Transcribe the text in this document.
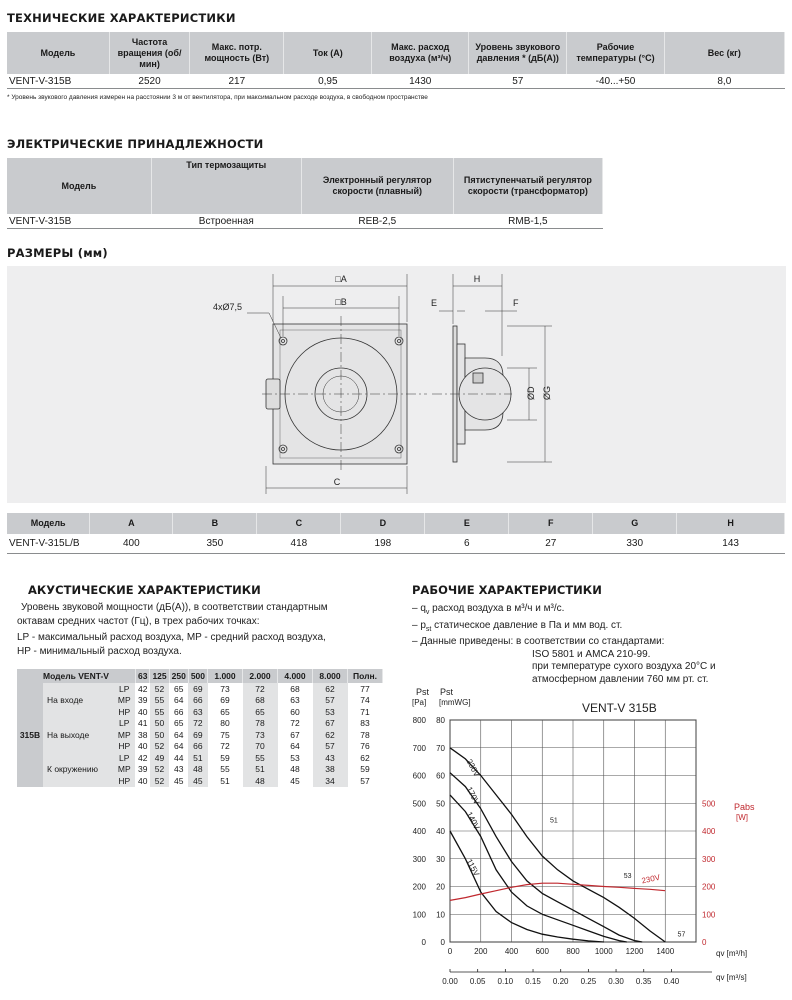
ТЕХНИЧЕСКИЕ ХАРАКТЕРИСТИКИ
Модель	Частота вращения (об/мин)	Макс. потр. мощность (Вт)	Ток (А)	Макс. расход воздуха (м³/ч)	Уровень звукового давления * (дБ(А))	Рабочие температуры (°С)	Вес (кг)
VENT-V-315B	2520	217	0,95	1430	57	-40...+50	8,0
* Уровень звукового давления измерен на расстоянии 3 м от вентилятора, при максимальном расходе воздуха, в свободном пространстве
ЭЛЕКТРИЧЕСКИЕ ПРИНАДЛЕЖНОСТИ
Модель	Тип термозащиты	Электронный регулятор скорости (плавный)	Пятиступенчатый регулятор скорости (трансформатор)
VENT-V-315B	Встроенная	REB-2,5	RMB-1,5
РАЗМЕРЫ (мм)
□A
□B
C
4xØ7,5
H
E	F
ØD ØG
Модель	A	B	C	D	E	F	G	H
VENT-V-315L/B	400	350	418	198	6	27	330	143
АКУСТИЧЕСКИЕ ХАРАКТЕРИСТИКИ
Уровень звуковой мощности (дБ(А)), в соответствии стандартным
октавам средних частот (Гц), в трех рабочих точках:
LP - максимальный расход воздуха, MP - средний расход воздуха,
HP - минимальный расход воздуха.
Модель VENT-V			63	125	250	500	1.000	2.000	4.000	8.000	Полн.
315B	На входе	LP	42	52	65	69	73	72	68	62	77
		MP	39	55	64	66	69	68	63	57	74
		HP	40	55	66	63	65	65	60	53	71
	На выходе	LP	41	50	65	72	80	78	72	67	83
		MP	38	50	64	69	75	73	67	62	78
		HP	40	52	64	66	72	70	64	57	76
	К окружению	LP	42	49	44	51	59	55	53	43	62
		MP	39	52	43	48	55	51	48	38	59
		HP	40	52	45	45	51	48	45	34	57
РАБОЧИЕ ХАРАКТЕРИСТИКИ
– $q_v$ расход воздуха в м³/ч и м³/с.
– $p_{st}$ статическое давление в Па и мм вод. ст.
– Данные приведены: в соответствии со стандартами:
ISO 5801 и AMCA 210-99.
при температуре сухого воздуха 20°С и
атмосферном давлении 760 мм рт. ст.
Pst
[Pa]
Pst
[mmWG]	VENT-V 315B
Pabs
[W]
qv [m³/h]
qv [m³/s]
0	200 400 600 800 1000 1200 1400
0 0
100 10
200 20
300 30
400 40
500 50
600 60
700 70
800 80
0
100
200
300
400
500
0.00 0.05 0.10 0.15 0.20 0.25 0.30 0.35 0.40
230V
170V
140V
115V
230V
51
53
57
